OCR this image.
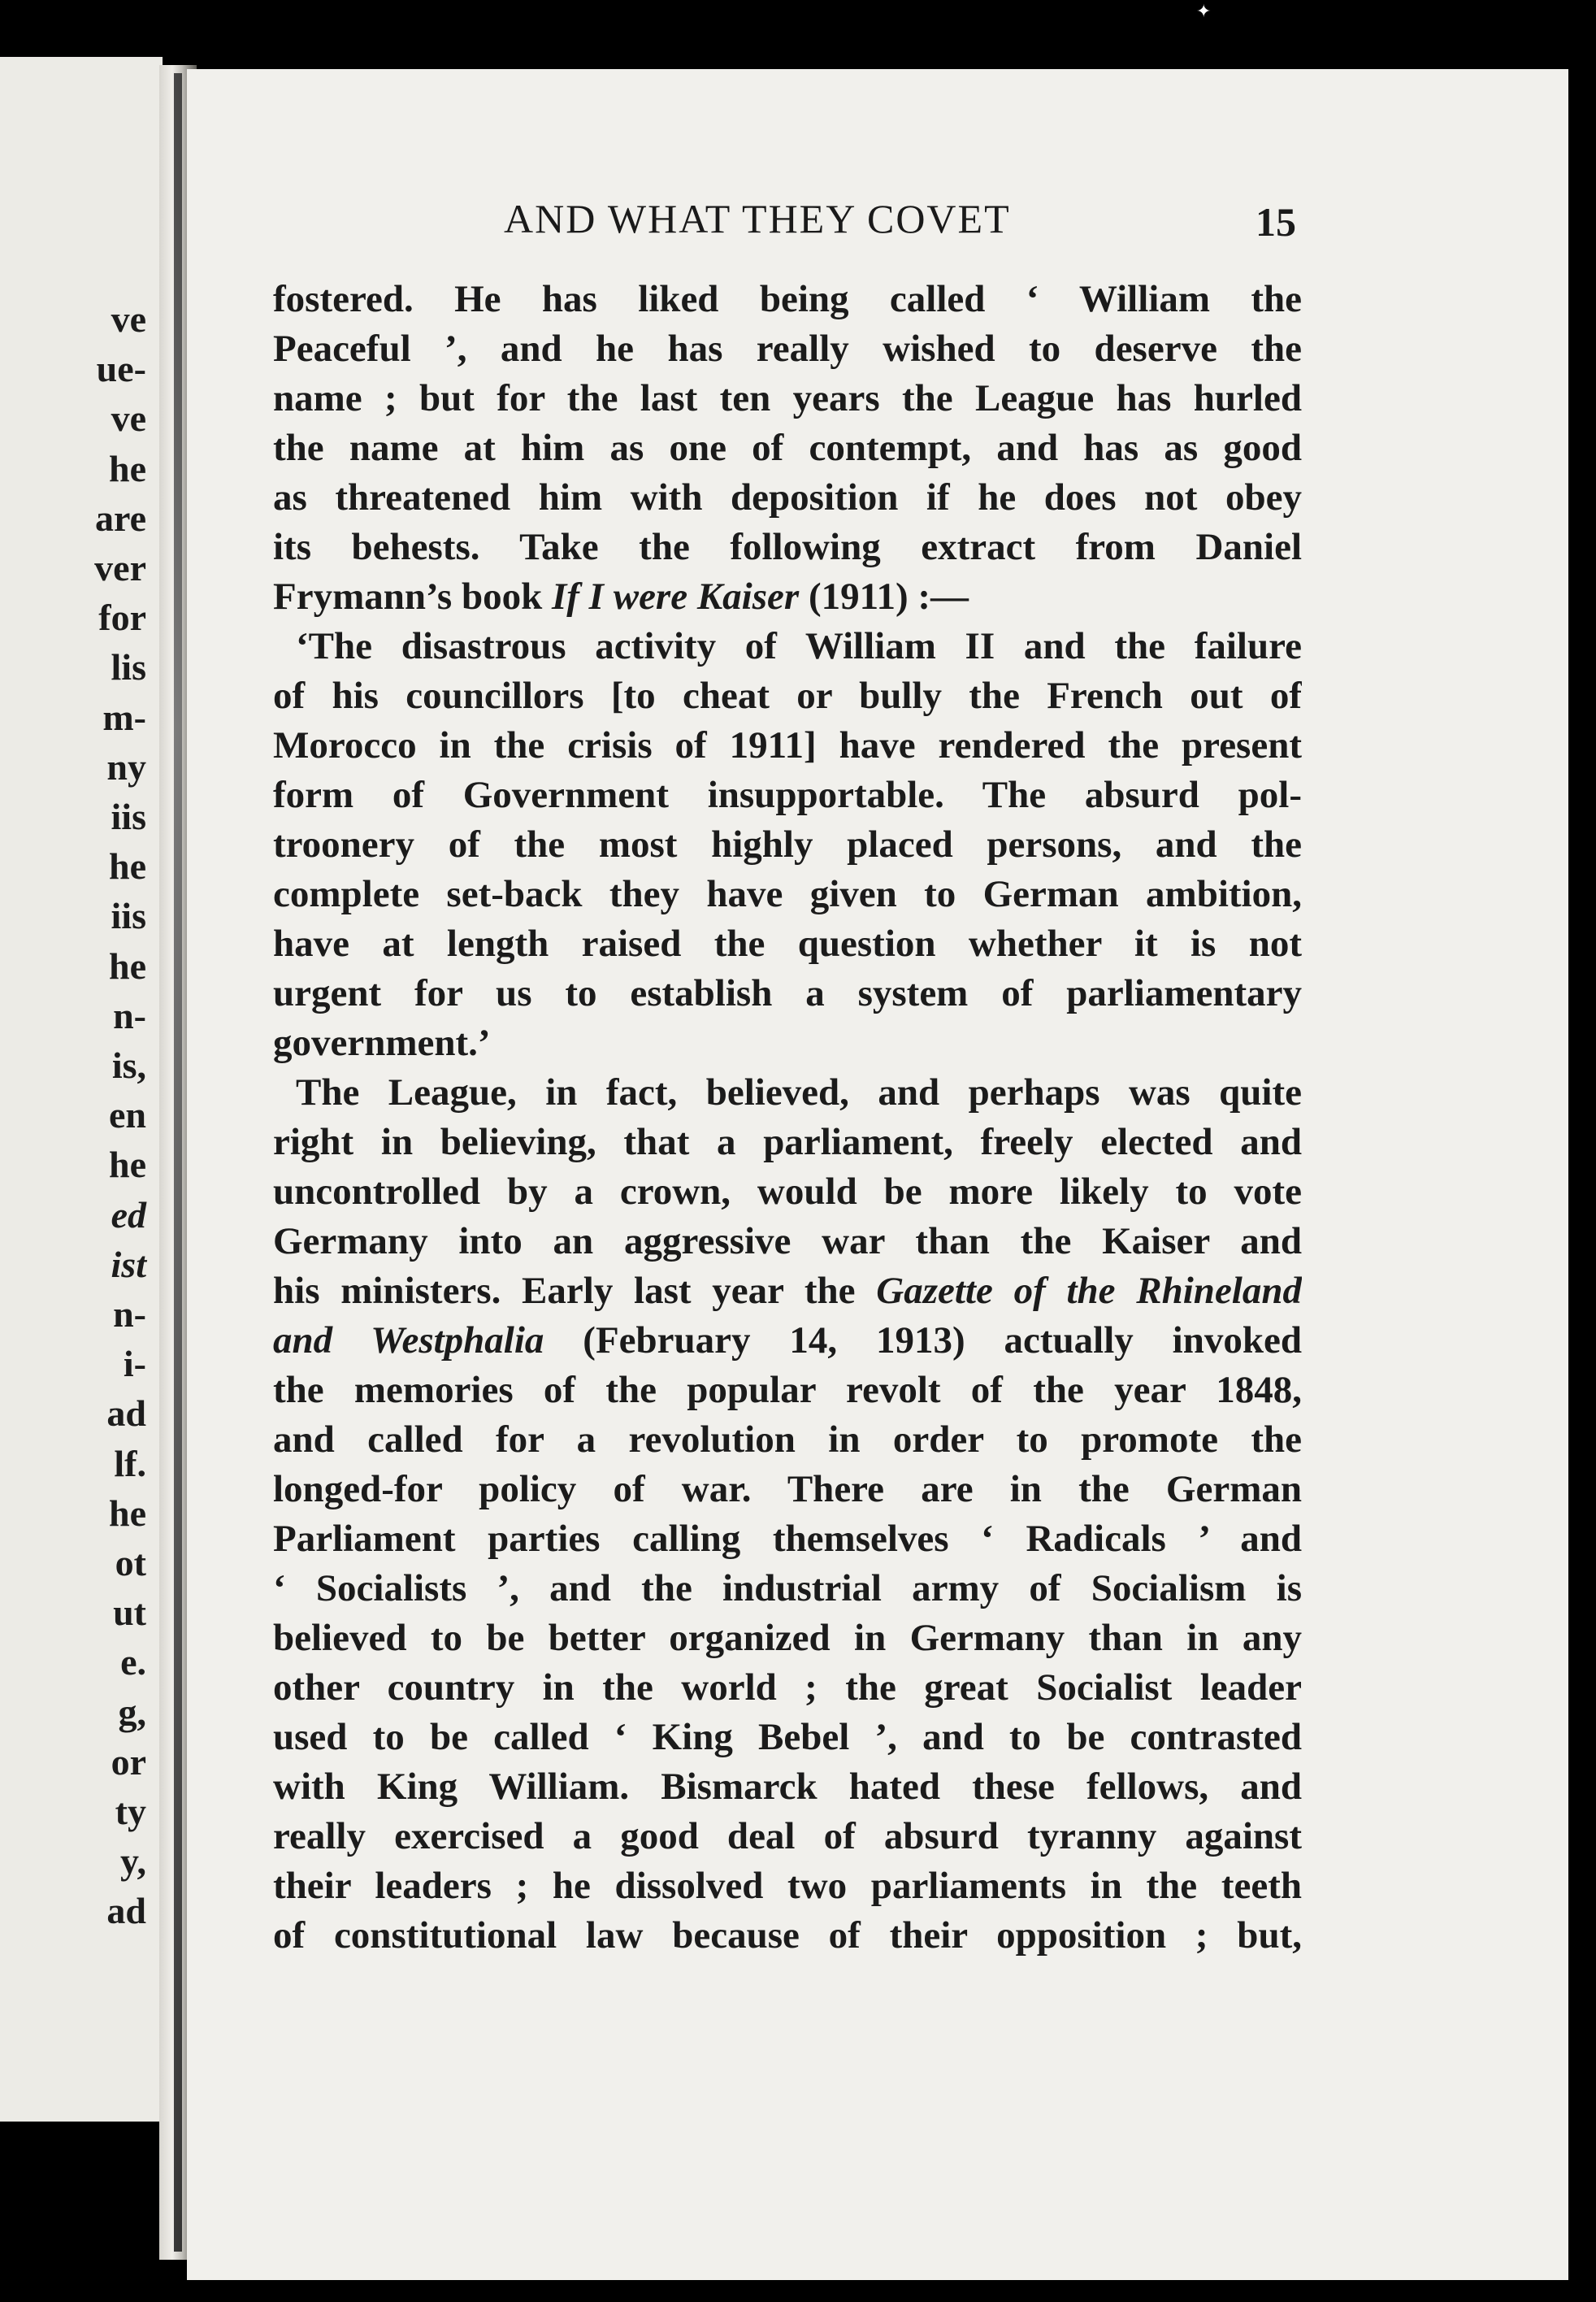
ve
ue-
ve
he
are
ver
for
lis
m-
ny
iis
he
iis
he
n-
is,
en
he
ed
ist
n-
i-
ad
lf.
he
ot
ut
e.
g,
or
ty
y,
ad
✦
AND WHAT THEY COVET	15
fostered. He has liked being called ‘ William the
Peaceful ’, and he has really wished to deserve the
name ; but for the last ten years the League has hurled
the name at him as one of contempt, and has as good
as threatened him with deposition if he does not obey
its behests. Take the following extract from Daniel
Frymann’s book If I were Kaiser (1911) :—
‘The disastrous activity of William II and the failure
of his councillors [to cheat or bully the French out of
Morocco in the crisis of 1911] have rendered the present
form of Government insupportable. The absurd pol-
troonery of the most highly placed persons, and the
complete set-back they have given to German ambition,
have at length raised the question whether it is not
urgent for us to establish a system of parliamentary
government.’
The League, in fact, believed, and perhaps was quite
right in believing, that a parliament, freely elected and
uncontrolled by a crown, would be more likely to vote
Germany into an aggressive war than the Kaiser and
his ministers. Early last year the Gazette of the Rhineland
and Westphalia (February 14, 1913) actually invoked
the memories of the popular revolt of the year 1848,
and called for a revolution in order to promote the
longed-for policy of war. There are in the German
Parliament parties calling themselves ‘ Radicals ’ and
‘ Socialists ’, and the industrial army of Socialism is
believed to be better organized in Germany than in any
other country in the world ; the great Socialist leader
used to be called ‘ King Bebel ’, and to be contrasted
with King William. Bismarck hated these fellows, and
really exercised a good deal of absurd tyranny against
their leaders ; he dissolved two parliaments in the teeth
of constitutional law because of their opposition ; but,
